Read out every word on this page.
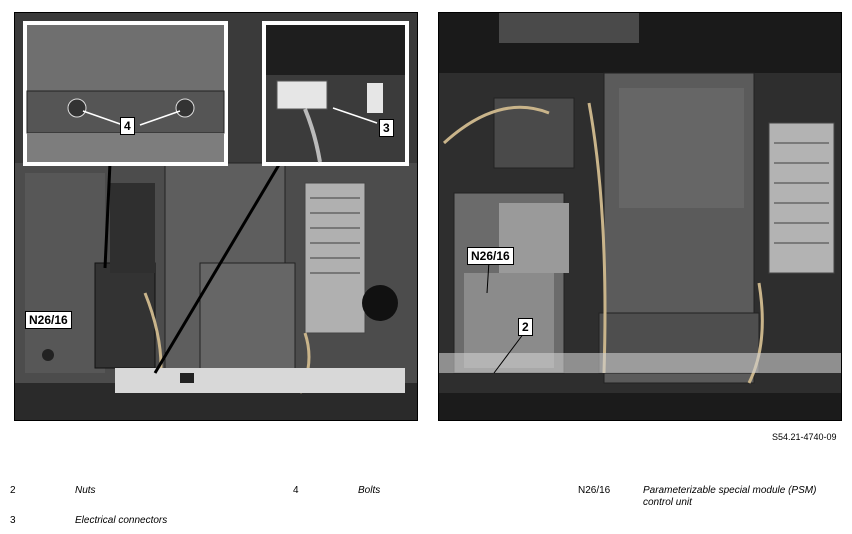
4	3
N26/16
N26/16
2
S54.21-4740-09
2	Nuts
3	Electrical connectors
4	Bolts	N26/16	Parameterizable special module (PSM) control unit
